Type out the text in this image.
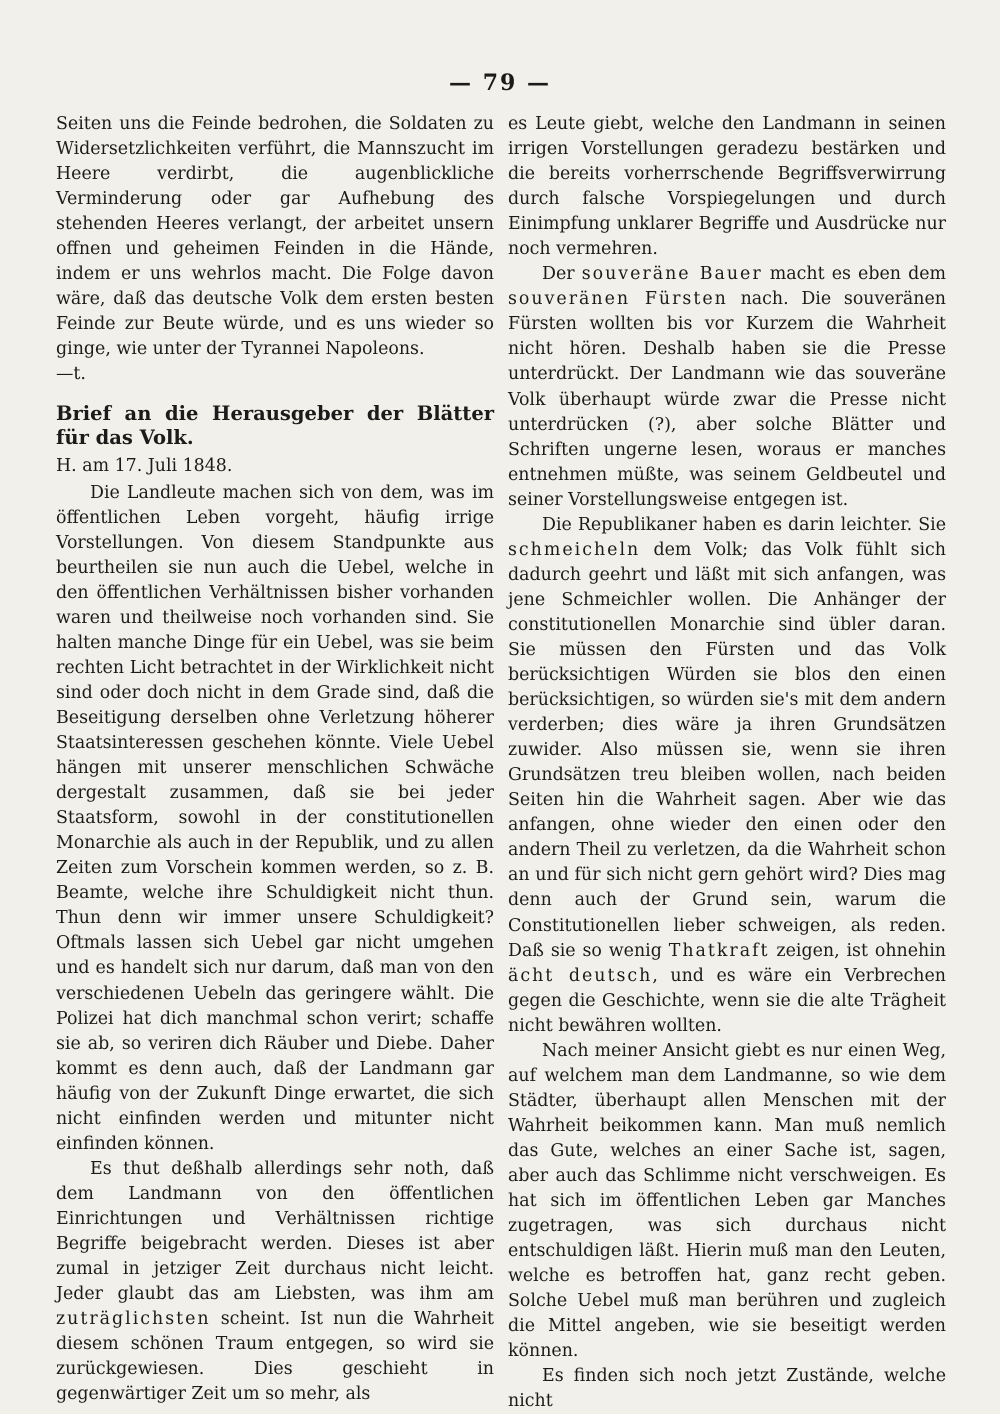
— 79 —

Seiten uns die Feinde bedrohen, die Soldaten zu Widersetzlichkeiten verführt, die Mannszucht im Heere verdirbt, die augenblickliche Verminderung oder gar Aufhebung des stehenden Heeres verlangt, der arbeitet unsern offnen und geheimen Feinden in die Hände, indem er uns wehrlos macht. Die Folge davon wäre, daß das deutsche Volk dem ersten besten Feinde zur Beute würde, und es uns wieder so ginge, wie unter der Tyrannei Napoleons.

—t.

Brief an die Herausgeber der Blätter für das Volk.

H. am 17. Juli 1848.

Die Landleute machen sich von dem, was im öffentlichen Leben vorgeht, häufig irrige Vorstellungen. Von diesem Standpunkte aus beurtheilen sie nun auch die Uebel, welche in den öffentlichen Verhältnissen bisher vorhanden waren und theilweise noch vorhanden sind. Sie halten manche Dinge für ein Uebel, was sie beim rechten Licht betrachtet in der Wirklichkeit nicht sind oder doch nicht in dem Grade sind, daß die Beseitigung derselben ohne Verletzung höherer Staatsinteressen geschehen könnte. Viele Uebel hängen mit unserer menschlichen Schwäche dergestalt zusammen, daß sie bei jeder Staatsform, sowohl in der constitutionellen Monarchie als auch in der Republik, und zu allen Zeiten zum Vorschein kommen werden, so z. B. Beamte, welche ihre Schuldigkeit nicht thun. Thun denn wir immer unsere Schuldigkeit? Oftmals lassen sich Uebel gar nicht umgehen und es handelt sich nur darum, daß man von den verschiedenen Uebeln das geringere wählt. Die Polizei hat dich manchmal schon verirt; schaffe sie ab, so veriren dich Räuber und Diebe. Daher kommt es denn auch, daß der Landmann gar häufig von der Zukunft Dinge erwartet, die sich nicht einfinden werden und mitunter nicht einfinden können.

Es thut deßhalb allerdings sehr noth, daß dem Landmann von den öffentlichen Einrichtungen und Verhältnissen richtige Begriffe beigebracht werden. Dieses ist aber zumal in jetziger Zeit durchaus nicht leicht. Jeder glaubt das am Liebsten, was ihm am zuträglichsten scheint. Ist nun die Wahrheit diesem schönen Traum entgegen, so wird sie zurückgewiesen. Dies geschieht in gegenwärtiger Zeit um so mehr, als

es Leute giebt, welche den Landmann in seinen irrigen Vorstellungen geradezu bestärken und die bereits vorherrschende Begriffsverwirrung durch falsche Vorspiegelungen und durch Einimpfung unklarer Begriffe und Ausdrücke nur noch vermehren.

Der souveräne Bauer macht es eben dem souveränen Fürsten nach. Die souveränen Fürsten wollten bis vor Kurzem die Wahrheit nicht hören. Deshalb haben sie die Presse unterdrückt. Der Landmann wie das souveräne Volk überhaupt würde zwar die Presse nicht unterdrücken (?), aber solche Blätter und Schriften ungerne lesen, woraus er manches entnehmen müßte, was seinem Geldbeutel und seiner Vorstellungsweise entgegen ist.

Die Republikaner haben es darin leichter. Sie schmeicheln dem Volk; das Volk fühlt sich dadurch geehrt und läßt mit sich anfangen, was jene Schmeichler wollen. Die Anhänger der constitutionellen Monarchie sind übler daran. Sie müssen den Fürsten und das Volk berücksichtigen Würden sie blos den einen berücksichtigen, so würden sie's mit dem andern verderben; dies wäre ja ihren Grundsätzen zuwider. Also müssen sie, wenn sie ihren Grundsätzen treu bleiben wollen, nach beiden Seiten hin die Wahrheit sagen. Aber wie das anfangen, ohne wieder den einen oder den andern Theil zu verletzen, da die Wahrheit schon an und für sich nicht gern gehört wird? Dies mag denn auch der Grund sein, warum die Constitutionellen lieber schweigen, als reden. Daß sie so wenig Thatkraft zeigen, ist ohnehin ächt deutsch, und es wäre ein Verbrechen gegen die Geschichte, wenn sie die alte Trägheit nicht bewähren wollten.

Nach meiner Ansicht giebt es nur einen Weg, auf welchem man dem Landmanne, so wie dem Städter, überhaupt allen Menschen mit der Wahrheit beikommen kann. Man muß nemlich das Gute, welches an einer Sache ist, sagen, aber auch das Schlimme nicht verschweigen. Es hat sich im öffentlichen Leben gar Manches zugetragen, was sich durchaus nicht entschuldigen läßt. Hierin muß man den Leuten, welche es betroffen hat, ganz recht geben. Solche Uebel muß man berühren und zugleich die Mittel angeben, wie sie beseitigt werden können.

Es finden sich noch jetzt Zustände, welche nicht
